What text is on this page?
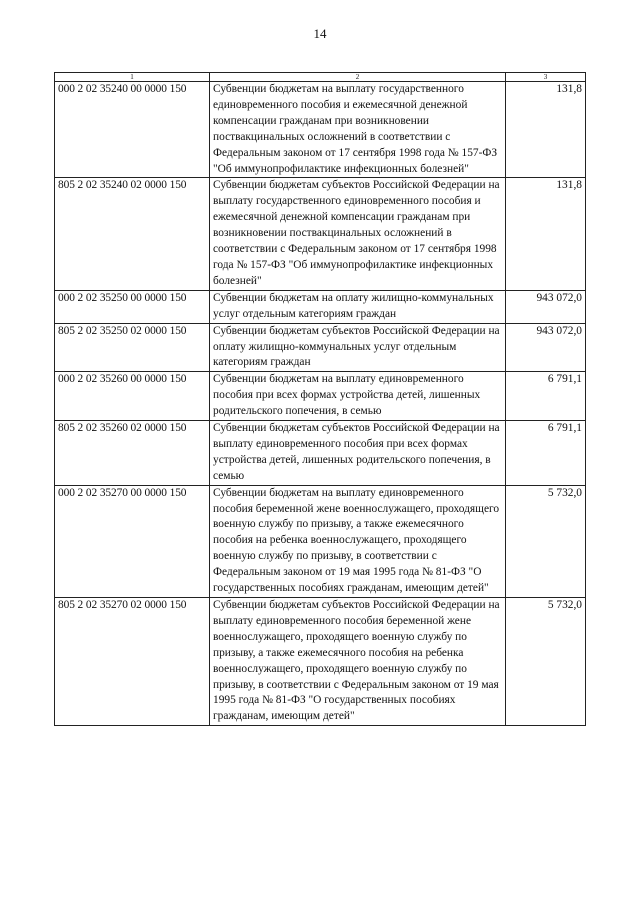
14
1	2	3
000 2 02 35240 00 0000 150	Субвенции бюджетам на выплату государственного единовременного пособия и ежемесячной денежной компенсации гражданам при возникновении поствакцинальных осложнений в соответствии с Федеральным законом от 17 сентября 1998 года № 157-ФЗ "Об иммунопрофилактике инфекционных болезней"	131,8
805 2 02 35240 02 0000 150	Субвенции бюджетам субъектов Российской Федерации на выплату государственного единовременного пособия и ежемесячной денежной компенсации гражданам при возникновении поствакцинальных осложнений в соответствии с Федеральным законом от 17 сентября 1998 года № 157-ФЗ "Об иммунопрофилактике инфекционных болезней"	131,8
000 2 02 35250 00 0000 150	Субвенции бюджетам на оплату жилищно-коммунальных услуг отдельным категориям граждан	943 072,0
805 2 02 35250 02 0000 150	Субвенции бюджетам субъектов Российской Федерации на оплату жилищно-коммунальных услуг отдельным категориям граждан	943 072,0
000 2 02 35260 00 0000 150	Субвенции бюджетам на выплату единовременного пособия при всех формах устройства детей, лишенных родительского попечения, в семью	6 791,1
805 2 02 35260 02 0000 150	Субвенции бюджетам субъектов Российской Федерации на выплату единовременного пособия при всех формах устройства детей, лишенных родительского попечения, в семью	6 791,1
000 2 02 35270 00 0000 150	Субвенции бюджетам на выплату единовременного пособия беременной жене военнослужащего, проходящего военную службу по призыву, а также ежемесячного пособия на ребенка военнослужащего, проходящего военную службу по призыву, в соответствии с Федеральным законом от 19 мая 1995 года № 81-ФЗ "О государственных пособиях гражданам, имеющим детей"	5 732,0
805 2 02 35270 02 0000 150	Субвенции бюджетам субъектов Российской Федерации на выплату единовременного пособия беременной жене военнослужащего, проходящего военную службу по призыву, а также ежемесячного пособия на ребенка военнослужащего, проходящего военную службу по призыву, в соответствии с Федеральным законом от 19 мая 1995 года № 81-ФЗ "О государственных пособиях гражданам, имеющим детей"	5 732,0
